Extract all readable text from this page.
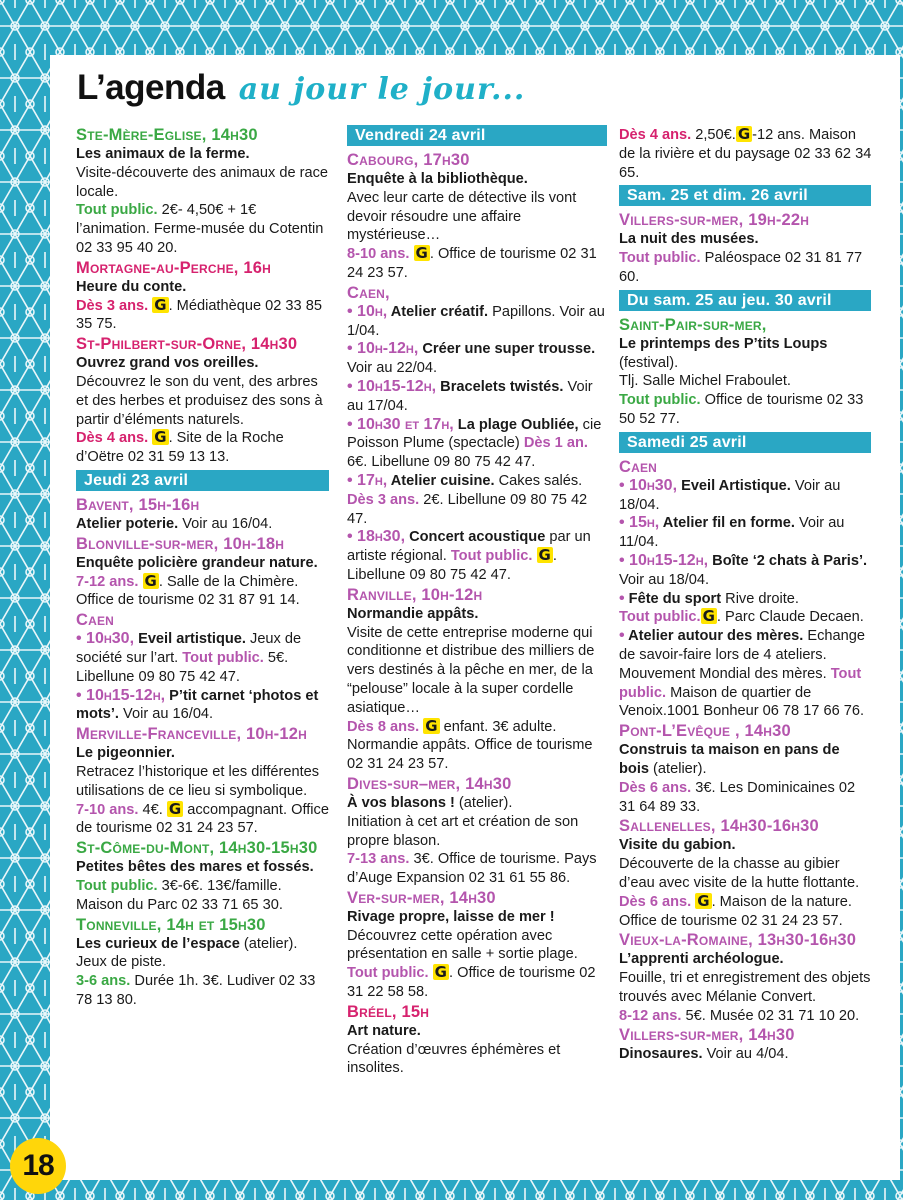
L’agenda au jour le jour...

Ste-Mère-Eglise, 14h30

Les animaux de la ferme.

Visite-découverte des animaux de race locale.

Tout public. 2€- 4,50€ + 1€ l’animation. Ferme-musée du Cotentin 02 33 95 40 20.

Mortagne-au-Perche, 16h

Heure du conte.

Dès 3 ans. G . Médiathèque 02 33 85 35 75.

St-Philbert-sur-Orne, 14h30

Ouvrez grand vos oreilles.

Découvrez le son du vent, des arbres et des herbes et produisez des sons à partir d’éléments naturels.

Dès 4 ans. G . Site de la Roche d’Oëtre 02 31 59 13 13.

Jeudi 23 avril

Bavent, 15h-16h

Atelier poterie. Voir au 16/04.

Blonville-sur-mer, 10h-18h

Enquête policière grandeur nature.

7-12 ans. G . Salle de la Chimère. Office de tourisme 02 31 87 91 14.

Caen

• 10h30, Eveil artistique. Jeux de société sur l’art. Tout public. 5€. Libellune 09 80 75 42 47.

• 10h15-12h, P’tit carnet ‘photos et mots’. Voir au 16/04.

Merville-Franceville, 10h-12h

Le pigeonnier.

Retracez l’historique et les différentes utilisations de ce lieu si symbolique.

7-10 ans. 4€. G accompagnant. Office de tourisme 02 31 24 23 57.

St-Côme-du-Mont, 14h30-15h30

Petites bêtes des mares et fossés.

Tout public. 3€-6€. 13€/famille. Maison du Parc 02 33 71 65 30.

Tonneville, 14h et 15h30

Les curieux de l’espace (atelier). Jeux de piste.

3-6 ans. Durée 1h. 3€. Ludiver 02 33 78 13 80.

Vendredi 24 avril

Cabourg, 17h30

Enquête à la bibliothèque.

Avec leur carte de détective ils vont devoir résoudre une affaire mystérieuse…

8-10 ans. G . Office de tourisme 02 31 24 23 57.

Caen,

• 10h, Atelier créatif. Papillons. Voir au 1/04.

• 10h-12h, Créer une super trousse. Voir au 22/04.

• 10h15-12h, Bracelets twistés. Voir au 17/04.

• 10h30 et 17h, La plage Oubliée, cie Poisson Plume (spectacle) Dès 1 an. 6€. Libellune 09 80 75 42 47.

• 17h, Atelier cuisine. Cakes salés. Dès 3 ans. 2€. Libellune 09 80 75 42 47.

• 18h30, Concert acoustique par un artiste régional. Tout public. G . Libellune 09 80 75 42 47.

Ranville, 10h-12h

Normandie appâts.

Visite de cette entreprise moderne qui conditionne et distribue des milliers de vers destinés à la pêche en mer, de la “pelouse” locale à la super cordelle asiatique…

Dès 8 ans. G enfant. 3€ adulte. Normandie appâts. Office de tourisme 02 31 24 23 57.

Dives-sur–mer, 14h30

À vos blasons ! (atelier).

Initiation à cet art et création de son propre blason.

7-13 ans. 3€. Office de tourisme. Pays d’Auge Expansion 02 31 61 55 86.

Ver-sur-mer, 14h30

Rivage propre, laisse de mer !

Découvrez cette opération avec présentation en salle + sortie plage.

Tout public. G . Office de tourisme 02 31 22 58 58.

Bréel, 15h

Art nature.

Création d’œuvres éphémères et insolites.

Dès 4 ans. 2,50€. G -12 ans. Maison de la rivière et du paysage 02 33 62 34 65.

Sam. 25 et dim. 26 avril

Villers-sur-mer, 19h-22h

La nuit des musées.

Tout public. Paléospace 02 31 81 77 60.

Du sam. 25 au jeu. 30 avril

Saint-Pair-sur-mer,

Le printemps des P’tits Loups (festival).

Tlj. Salle Michel Fraboulet.

Tout public. Office de tourisme 02 33 50 52 77.

Samedi 25 avril

Caen

• 10h30, Eveil Artistique. Voir au 18/04.

• 15h, Atelier fil en forme. Voir au 11/04.

• 10h15-12h, Boîte ‘2 chats à Paris’. Voir au 18/04.

• Fête du sport Rive droite.

Tout public. G . Parc Claude Decaen.

• Atelier autour des mères. Echange de savoir-faire lors de 4 ateliers. Mouvement Mondial des mères. Tout public. Maison de quartier de Venoix.1001 Bonheur 06 78 17 66 76.

Pont-L’Evêque , 14h30

Construis ta maison en pans de bois (atelier).

Dès 6 ans. 3€. Les Dominicaines 02 31 64 89 33.

Sallenelles, 14h30-16h30

Visite du gabion.

Découverte de la chasse au gibier d’eau avec visite de la hutte flottante.

Dès 6 ans. G . Maison de la nature. Office de tourisme 02 31 24 23 57.

Vieux-la-Romaine, 13h30-16h30

L’apprenti archéologue.

Fouille, tri et enregistrement des objets trouvés avec Mélanie Convert.

8-12 ans. 5€. Musée 02 31 71 10 20.

Villers-sur-mer, 14h30

Dinosaures. Voir au 4/04.

18
